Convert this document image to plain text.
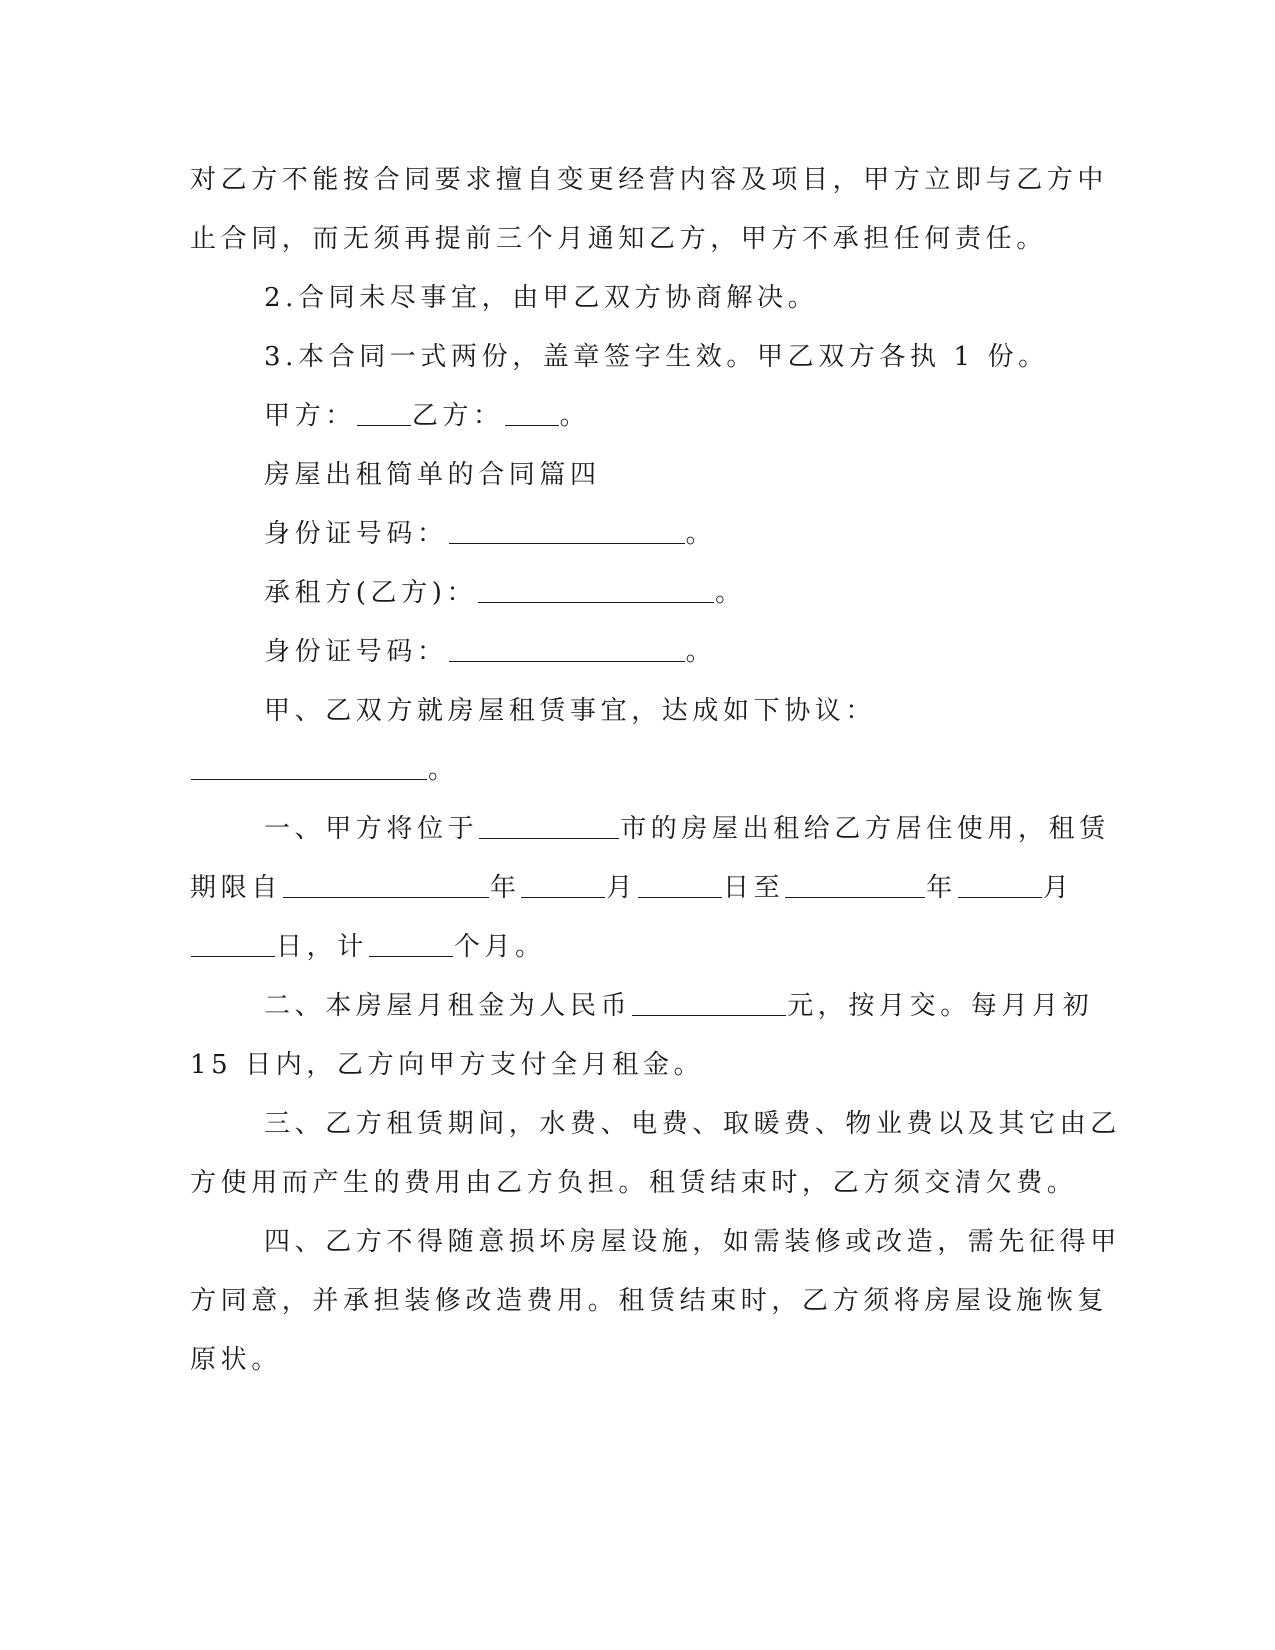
对乙方不能按合同要求擅自变更经营内容及项目，甲方立即与乙方中
止合同，而无须再提前三个月通知乙方，甲方不承担任何责任。
2.合同未尽事宜，由甲乙双方协商解决。
3.本合同一式两份，盖章签字生效。甲乙双方各执 1 份。
甲方： 乙方： 。
房屋出租简单的合同篇四
身份证号码：	。
承租方(乙方)：	。
身份证号码：	。
甲、乙双方就房屋租赁事宜，达成如下协议：
。
一、甲方将位于	市的房屋出租给乙方居住使用，租赁
期限自	年	月	日至	年	月
日，计	个月。
二、本房屋月租金为人民币	元，按月交。每月月初
15 日内，乙方向甲方支付全月租金。
三、乙方租赁期间，水费、电费、取暖费、物业费以及其它由乙
方使用而产生的费用由乙方负担。租赁结束时，乙方须交清欠费。
四、乙方不得随意损坏房屋设施，如需装修或改造，需先征得甲
方同意，并承担装修改造费用。租赁结束时，乙方须将房屋设施恢复
原状。
